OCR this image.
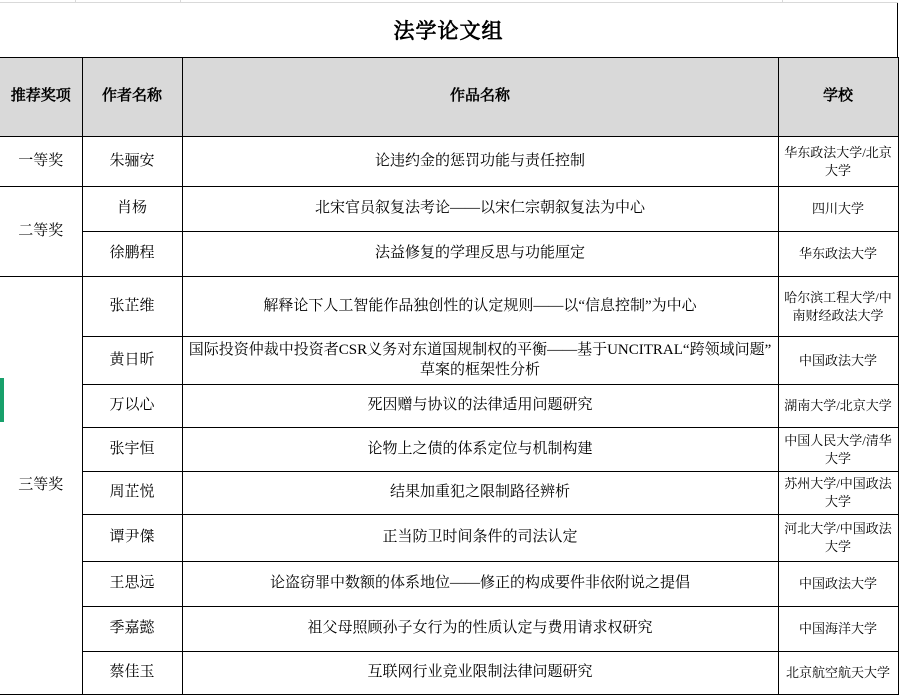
法学论文组
推荐奖项	作者名称	作品名称	学校
一等奖	朱骊安	论违约金的惩罚功能与责任控制	华东政法大学/北京大学
二等奖	肖杨	北宋官员叙复法考论——以宋仁宗朝叙复法为中心	四川大学
	徐鹏程	法益修复的学理反思与功能厘定	华东政法大学
三等奖	张芷维	解释论下人工智能作品独创性的认定规则——以“信息控制”为中心	哈尔滨工程大学/中南财经政法大学
	黄日昕	国际投资仲裁中投资者CSR义务对东道国规制权的平衡——基于UNCITRAL“跨领域问题”草案的框架性分析	中国政法大学
	万以心	死因赠与协议的法律适用问题研究	湖南大学/北京大学
	张宇恒	论物上之债的体系定位与机制构建	中国人民大学/清华大学
	周芷悦	结果加重犯之限制路径辨析	苏州大学/中国政法大学
	谭尹傑	正当防卫时间条件的司法认定	河北大学/中国政法大学
	王思远	论盗窃罪中数额的体系地位——修正的构成要件非依附说之提倡	中国政法大学
	季嘉懿	祖父母照顾孙子女行为的性质认定与费用请求权研究	中国海洋大学
	蔡佳玉	互联网行业竞业限制法律问题研究	北京航空航天大学
